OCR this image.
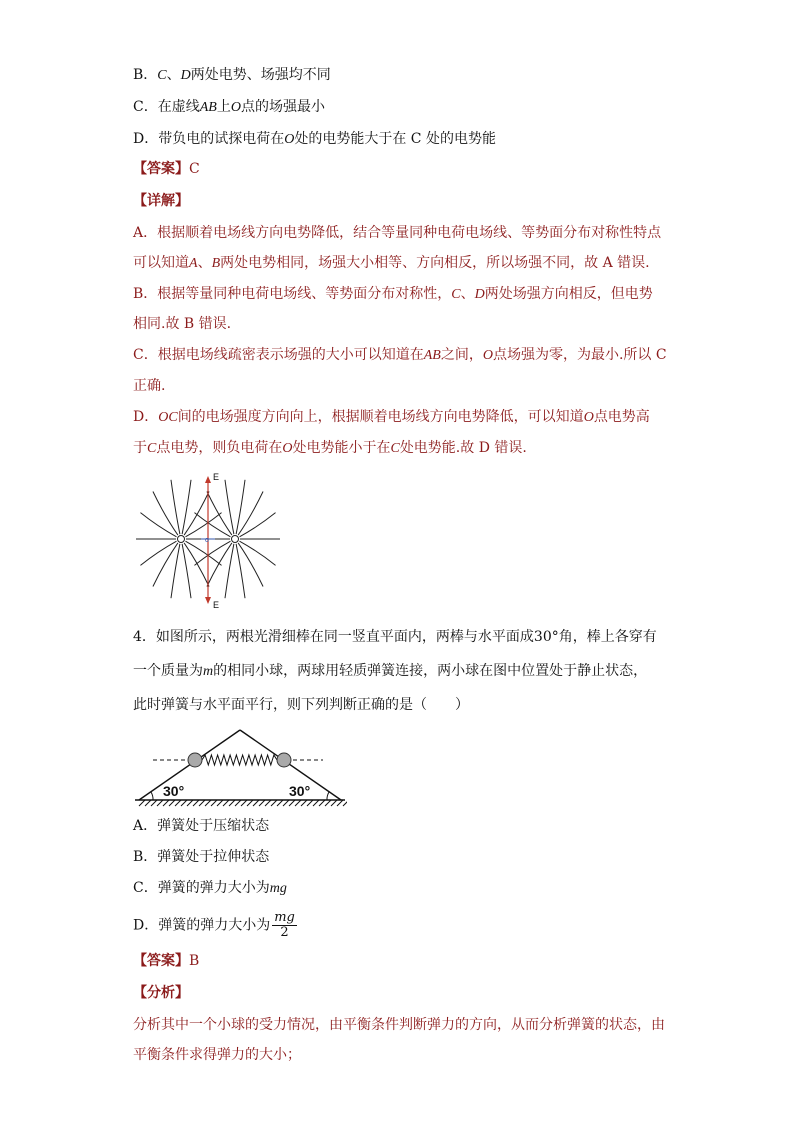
B．C、D两处电势、场强均不同
C．在虚线AB上O点的场强最小
D．带负电的试探电荷在O处的电势能大于在 C 处的电势能
【答案】C
【详解】
A．根据顺着电场线方向电势降低，结合等量同种电荷电场线、等势面分布对称性特点
可以知道A、B两处电势相同，场强大小相等、方向相反，所以场强不同，故 A 错误.
B．根据等量同种电荷电场线、等势面分布对称性，C、D两处场强方向相反，但电势
相同.故 B 错误.
C．根据电场线疏密表示场强的大小可以知道在AB之间，O点场强为零，为最小.所以 C
正确.
D．OC间的电场强度方向向上，根据顺着电场线方向电势降低，可以知道O点电势高
于C点电势，则负电荷在O处电势能小于在C处电势能.故 D 错误.
E
E
o
4．如图所示，两根光滑细棒在同一竖直平面内，两棒与水平面成30°角，棒上各穿有
一个质量为m的相同小球，两球用轻质弹簧连接，两小球在图中位置处于静止状态，
此时弹簧与水平面平行，则下列判断正确的是（　　）
30°	30°
A．弹簧处于压缩状态
B．弹簧处于拉伸状态
C．弹簧的弹力大小为mg
D．弹簧的弹力大小为 $\frac{mg}{2}$
【答案】B
【分析】
分析其中一个小球的受力情况，由平衡条件判断弹力的方向，从而分析弹簧的状态，由
平衡条件求得弹力的大小；
